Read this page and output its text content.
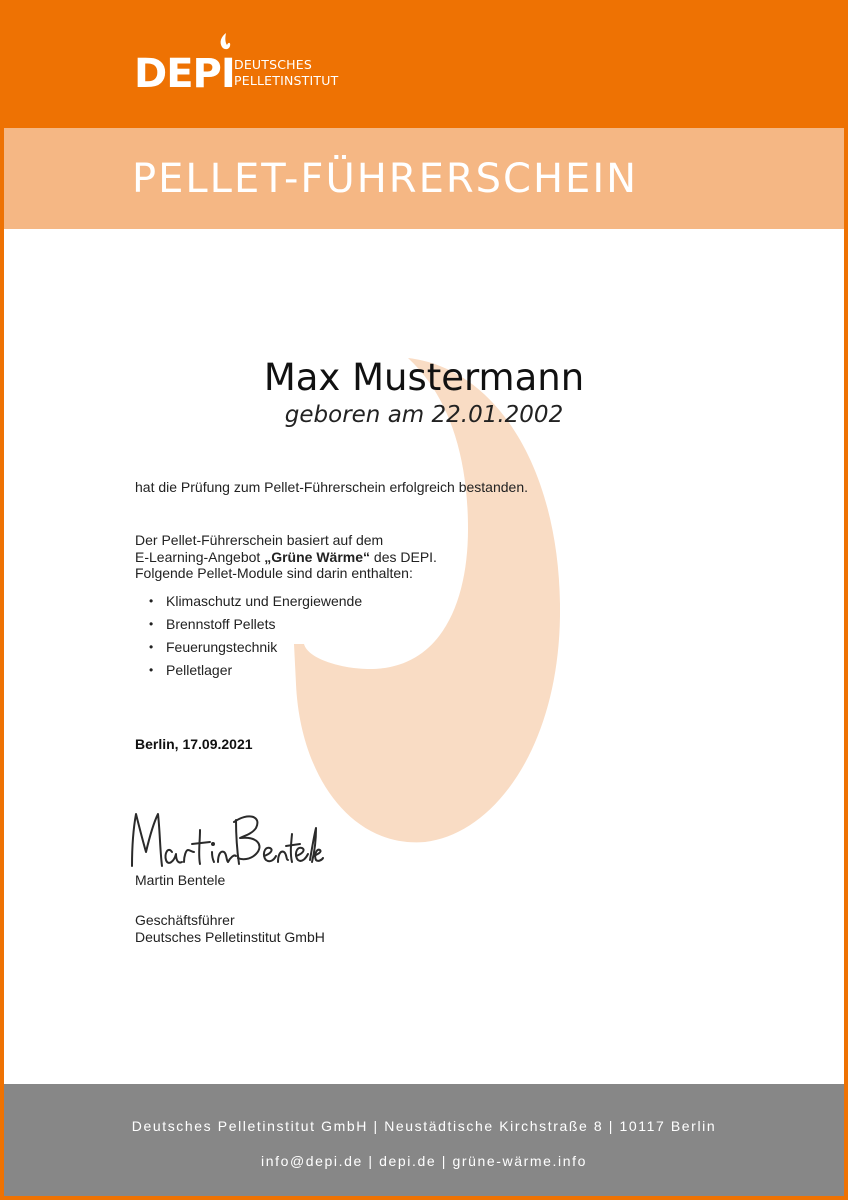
DEPI DEUTSCHES
PELLETINSTITUT
PELLET-FÜHRERSCHEIN
Max Mustermann
geboren am 22.01.2002
hat die Prüfung zum Pellet-Führerschein erfolgreich bestanden.
Der Pellet-Führerschein basiert auf dem
E-Learning-Angebot „Grüne Wärme“ des DEPI.
Folgende Pellet-Module sind darin enthalten:
• Klimaschutz und Energiewende
• Brennstoff Pellets
• Feuerungstechnik
• Pelletlager
Berlin, 17.09.2021
Martin Bentele
Geschäftsführer
Deutsches Pelletinstitut GmbH
Deutsches Pelletinstitut GmbH | Neustädtische Kirchstraße 8 | 10117 Berlin
info@depi.de | depi.de | grüne-wärme.info
